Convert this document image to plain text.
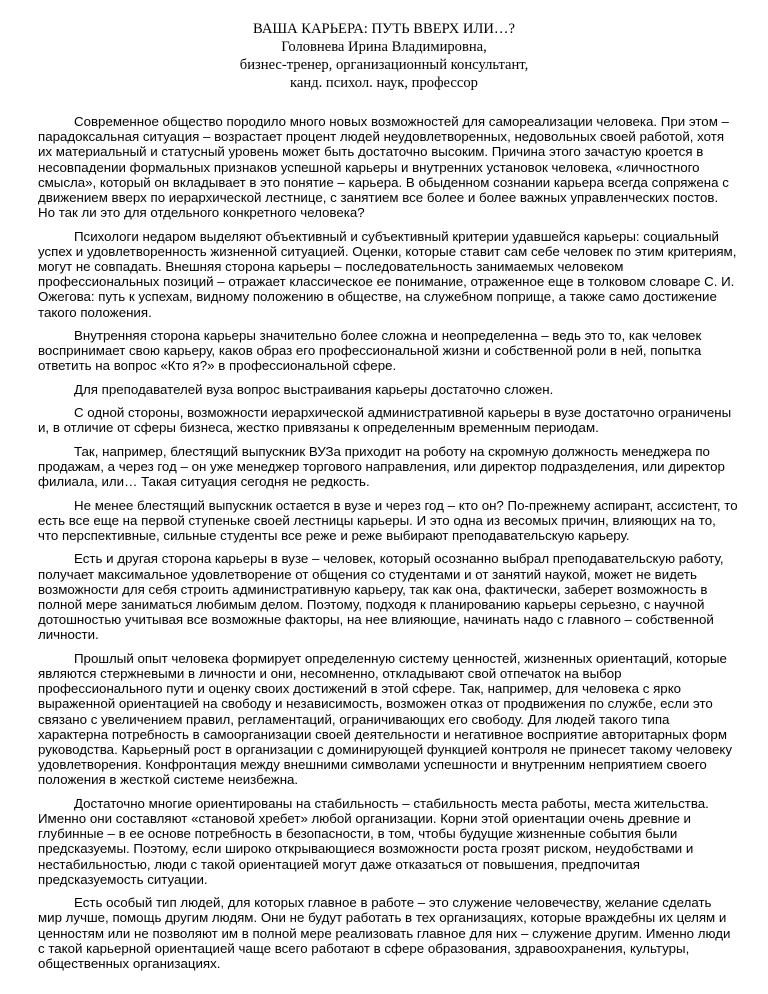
ВАША КАРЬЕРА: ПУТЬ ВВЕРХ ИЛИ…?
Головнева Ирина Владимировна,
бизнес-тренер, организационный консультант,
канд. психол. наук, профессор

Современное общество породило много новых возможностей для самореализации человека. При этом – парадоксальная ситуация – возрастает процент людей неудовлетворенных, недовольных своей работой, хотя их материальный и статусный уровень может быть достаточно высоким. Причина этого зачастую кроется в несовпадении формальных признаков успешной карьеры и внутренних установок человека, «личностного смысла», который он вкладывает в это понятие – карьера. В обыденном сознании карьера всегда сопряжена с движением вверх по иерархической лестнице, с занятием все более и более важных управленческих постов. Но так ли это для отдельного конкретного человека?

Психологи недаром выделяют объективный и субъективный критерии удавшейся карьеры: социальный успех и удовлетворенность жизненной ситуацией. Оценки, которые ставит сам себе человек по этим критериям, могут не совпадать. Внешняя сторона карьеры – последовательность занимаемых человеком профессиональных позиций – отражает классическое ее понимание, отраженное еще в толковом словаре С. И. Ожегова: путь к успехам, видному положению в обществе, на служебном поприще, а также само достижение такого положения.

Внутренняя сторона карьеры значительно более сложна и неопределенна – ведь это то, как человек воспринимает свою карьеру, каков образ его профессиональной жизни и собственной роли в ней, попытка ответить на вопрос «Кто я?» в профессиональной сфере.

Для преподавателей вуза вопрос выстраивания карьеры достаточно сложен.

С одной стороны, возможности иерархической административной карьеры в вузе достаточно ограничены и, в отличие от сферы бизнеса, жестко привязаны к определенным временным периодам.

Так, например, блестящий выпускник ВУЗа приходит на роботу на скромную должность менеджера по продажам, а через год – он уже менеджер торгового направления, или директор подразделения, или директор филиала, или… Такая ситуация сегодня не редкость.

Не менее блестящий выпускник остается в вузе и через год – кто он? По-прежнему аспирант, ассистент, то есть все еще на первой ступеньке своей лестницы карьеры. И это одна из весомых причин, влияющих на то, что перспективные, сильные студенты все реже и реже выбирают преподавательскую карьеру.

Есть и другая сторона карьеры в вузе – человек, который осознанно выбрал преподавательскую работу, получает максимальное удовлетворение от общения со студентами и от занятий наукой, может не видеть возможности для себя строить административную карьеру, так как она, фактически, заберет возможность в полной мере заниматься любимым делом. Поэтому, подходя к планированию карьеры серьезно, с научной дотошностью учитывая все возможные факторы, на нее влияющие, начинать надо с главного – собственной личности.

Прошлый опыт человека формирует определенную систему ценностей, жизненных ориентаций, которые являются стержневыми в личности и они, несомненно, откладывают свой отпечаток на выбор профессионального пути и оценку своих достижений в этой сфере. Так, например, для человека с ярко выраженной ориентацией на свободу и независимость, возможен отказ от продвижения по службе, если это связано с увеличением правил, регламентаций, ограничивающих его свободу. Для людей такого типа характерна потребность в самоорганизации своей деятельности и негативное восприятие авторитарных форм руководства. Карьерный рост в организации с доминирующей функцией контроля не принесет такому человеку удовлетворения. Конфронтация между внешними символами успешности и внутренним неприятием своего положения в жесткой системе неизбежна.

Достаточно многие ориентированы на стабильность – стабильность места работы, места жительства. Именно они составляют «становой хребет» любой организации. Корни этой ориентации очень древние и глубинные – в ее основе потребность в безопасности, в том, чтобы будущие жизненные события были предсказуемы. Поэтому, если широко открывающиеся возможности роста грозят риском, неудобствами и нестабильностью, люди с такой ориентацией могут даже отказаться от повышения, предпочитая предсказуемость ситуации.

Есть особый тип людей, для которых главное в работе – это служение человечеству, желание сделать мир лучше, помощь другим людям. Они не будут работать в тех организациях, которые враждебны их целям и ценностям или не позволяют им в полной мере реализовать главное для них – служение другим. Именно люди с такой карьерной ориентацией чаще всего работают в сфере образования, здравоохранения, культуры, общественных организациях.
